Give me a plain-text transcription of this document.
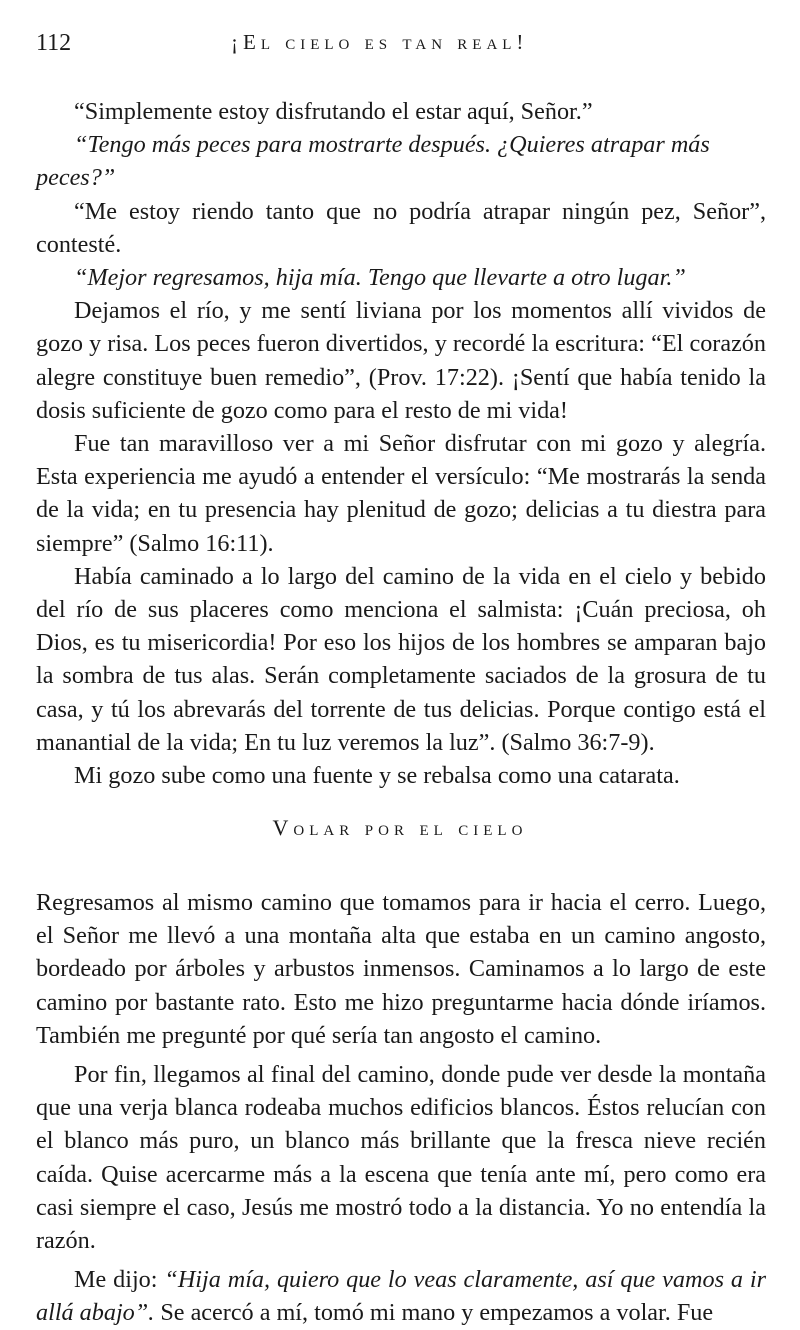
112	¡El cielo es tan real!

“Simplemente estoy disfrutando el estar aquí, Señor.”

“Tengo más peces para mostrarte después. ¿Quieres atrapar más peces?”

“Me estoy riendo tanto que no podría atrapar ningún pez, Señor”, contesté.

“Mejor regresamos, hija mía. Tengo que llevarte a otro lugar.”

Dejamos el río, y me sentí liviana por los momentos allí vividos de gozo y risa. Los peces fueron divertidos, y recordé la escritura: “El corazón alegre constituye buen remedio”, (Prov. 17:22). ¡Sentí que había tenido la dosis suficiente de gozo como para el resto de mi vida!

Fue tan maravilloso ver a mi Señor disfrutar con mi gozo y alegría. Esta experiencia me ayudó a entender el versículo: “Me mostrarás la senda de la vida; en tu presencia hay plenitud de gozo; delicias a tu diestra para siempre” (Salmo 16:11).

Había caminado a lo largo del camino de la vida en el cielo y bebido del río de sus placeres como menciona el salmista: ¡Cuán preciosa, oh Dios, es tu misericordia! Por eso los hijos de los hombres se amparan bajo la sombra de tus alas. Serán completamente saciados de la grosura de tu casa, y tú los abrevarás del torrente de tus delicias. Porque contigo está el manantial de la vida; En tu luz veremos la luz”. (Salmo 36:7-9).

Mi gozo sube como una fuente y se rebalsa como una catarata.

Volar por el cielo

Regresamos al mismo camino que tomamos para ir hacia el cerro. Luego, el Señor me llevó a una montaña alta que estaba en un camino angosto, bordeado por árboles y arbustos inmensos. Caminamos a lo largo de este camino por bastante rato. Esto me hizo preguntarme hacia dónde iríamos. También me pregunté por qué sería tan angosto el camino.

Por fin, llegamos al final del camino, donde pude ver desde la montaña que una verja blanca rodeaba muchos edificios blancos. Éstos relucían con el blanco más puro, un blanco más brillante que la fresca nieve recién caída. Quise acercarme más a la escena que tenía ante mí, pero como era casi siempre el caso, Jesús me mostró todo a la distancia. Yo no entendía la razón.

Me dijo: “Hija mía, quiero que lo veas claramente, así que vamos a ir allá abajo”. Se acercó a mí, tomó mi mano y empezamos a volar. Fue
